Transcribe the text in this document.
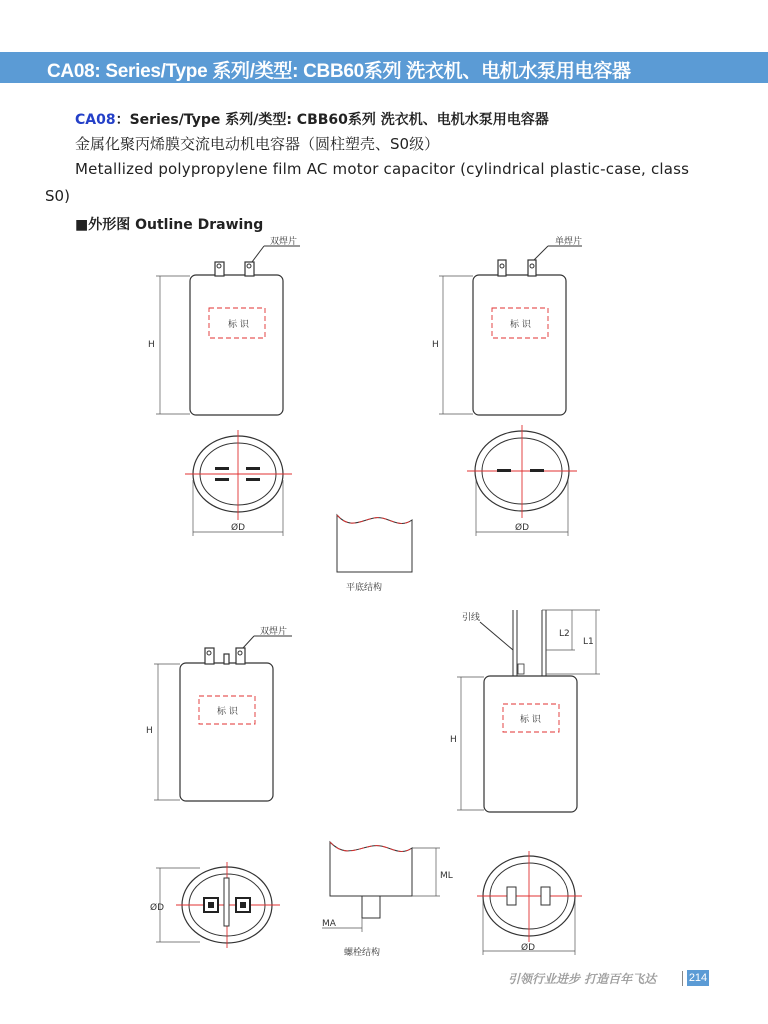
CA08: Series/Type 系列/类型: CBB60系列 洗衣机、电机水泵用电容器
CA08：Series/Type 系列/类型: CBB60系列 洗衣机、电机水泵用电容器
金属化聚丙烯膜交流电动机电容器（圆柱塑壳、S0级）
Metallized polypropylene film AC motor capacitor (cylindrical plastic-case, class
S0)
■外形图 Outline Drawing
标 识
双焊片
H
ØD
标 识
单焊片
H
ØD
平底结构
标 识
双焊片
H
ØD
ML
MA
螺栓结构
标 识
引线
H
L2
L1
ØD
引领行业进步 打造百年飞达	214
